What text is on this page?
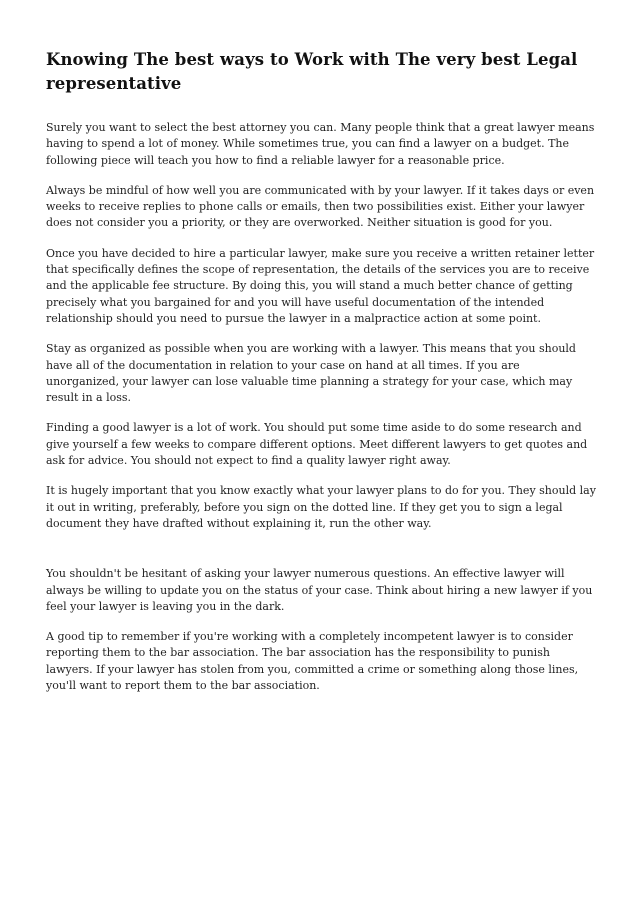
Knowing The best ways to Work with The very best Legal representative

Surely you want to select the best attorney you can. Many people think that a great lawyer means having to spend a lot of money. While sometimes true, you can find a lawyer on a budget. The following piece will teach you how to find a reliable lawyer for a reasonable price.

Always be mindful of how well you are communicated with by your lawyer. If it takes days or even weeks to receive replies to phone calls or emails, then two possibilities exist. Either your lawyer does not consider you a priority, or they are overworked. Neither situation is good for you.

Once you have decided to hire a particular lawyer, make sure you receive a written retainer letter that specifically defines the scope of representation, the details of the services you are to receive and the applicable fee structure. By doing this, you will stand a much better chance of getting precisely what you bargained for and you will have useful documentation of the intended relationship should you need to pursue the lawyer in a malpractice action at some point.

Stay as organized as possible when you are working with a lawyer. This means that you should have all of the documentation in relation to your case on hand at all times. If you are unorganized, your lawyer can lose valuable time planning a strategy for your case, which may result in a loss.

Finding a good lawyer is a lot of work. You should put some time aside to do some research and give yourself a few weeks to compare different options. Meet different lawyers to get quotes and ask for advice. You should not expect to find a quality lawyer right away.

It is hugely important that you know exactly what your lawyer plans to do for you. They should lay it out in writing, preferably, before you sign on the dotted line. If they get you to sign a legal document they have drafted without explaining it, run the other way.

You shouldn't be hesitant of asking your lawyer numerous questions. An effective lawyer will always be willing to update you on the status of your case. Think about hiring a new lawyer if you feel your lawyer is leaving you in the dark.

A good tip to remember if you're working with a completely incompetent lawyer is to consider reporting them to the bar association. The bar association has the responsibility to punish lawyers. If your lawyer has stolen from you, committed a crime or something along those lines, you'll want to report them to the bar association.
